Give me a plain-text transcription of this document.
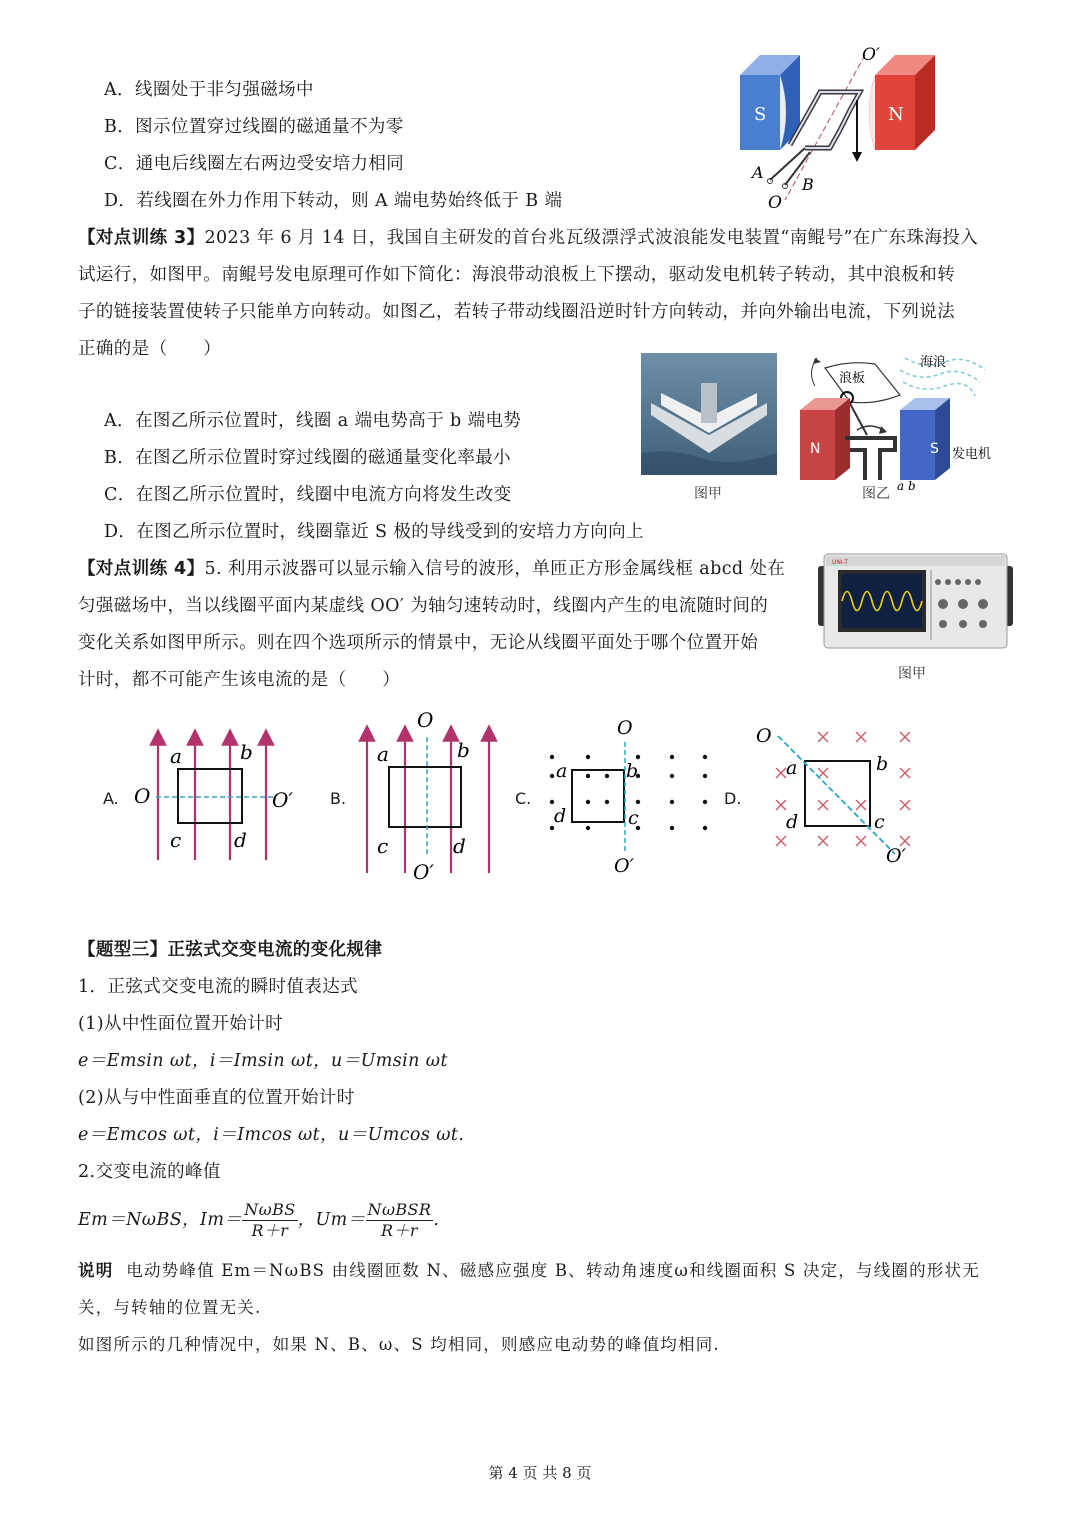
A．线圈处于非匀强磁场中
B．图示位置穿过线圈的磁通量不为零
C．通电后线圈左右两边受安培力相同
D．若线圈在外力作用下转动，则 A 端电势始终低于 B 端
S	N
O′
O
A
B
【对点训练 3】2023 年 6 月 14 日，我国自主研发的首台兆瓦级漂浮式波浪能发电装置“南鲲号”在广东珠海投入
试运行，如图甲。南鲲号发电原理可作如下简化：海浪带动浪板上下摆动，驱动发电机转子转动，其中浪板和转
子的链接装置使转子只能单方向转动。如图乙，若转子带动线圈沿逆时针方向转动，并向外输出电流，下列说法
正确的是（　　）
A．在图乙所示位置时，线圈 a 端电势高于 b 端电势
B．在图乙所示位置时穿过线圈的磁通量变化率最小
C．在图乙所示位置时，线圈中电流方向将发生改变
D．在图乙所示位置时，线圈靠近 S 极的导线受到的安培力方向向上
图甲
海浪
浪板
N	S 发电机
a b
图乙
【对点训练 4】5. 利用示波器可以显示输入信号的波形，单匝正方形金属线框 abcd 处在
匀强磁场中，当以线圈平面内某虚线 OO′ 为轴匀速转动时，线圈内产生的电流随时间的
变化关系如图甲所示。则在四个选项所示的情景中，无论从线圈平面处于哪个位置开始
计时，都不可能产生该电流的是（　　）
UNI-T
图甲
A.
a	b
c	d
O	O′ B.
O
a	b
c	d
O′
C.
O
a	b
d	c
O′
D.
O
a	b
d	c
O′
【题型三】正弦式交变电流的变化规律
1．正弦式交变电流的瞬时值表达式
(1)从中性面位置开始计时
e＝Emsin ωt，i＝Imsin ωt，u＝Umsin ωt
(2)从与中性面垂直的位置开始计时
e＝Emcos ωt，i＝Imcos ωt，u＝Umcos ωt.
2.交变电流的峰值
Em＝NωBS，$Im= \frac{\text{NωBS}}{R+r}$ ，$Um= \frac{\text{NωBSR}}{R+r}$ .
说明 电动势峰值 Em＝NωBS 由线圈匝数 N、磁感应强度 B、转动角速度ω和线圈面积 S 决定，与线圈的形状无
关，与转轴的位置无关.
如图所示的几种情况中，如果 N、B、ω、S 均相同，则感应电动势的峰值均相同.
第 4 页 共 8 页
